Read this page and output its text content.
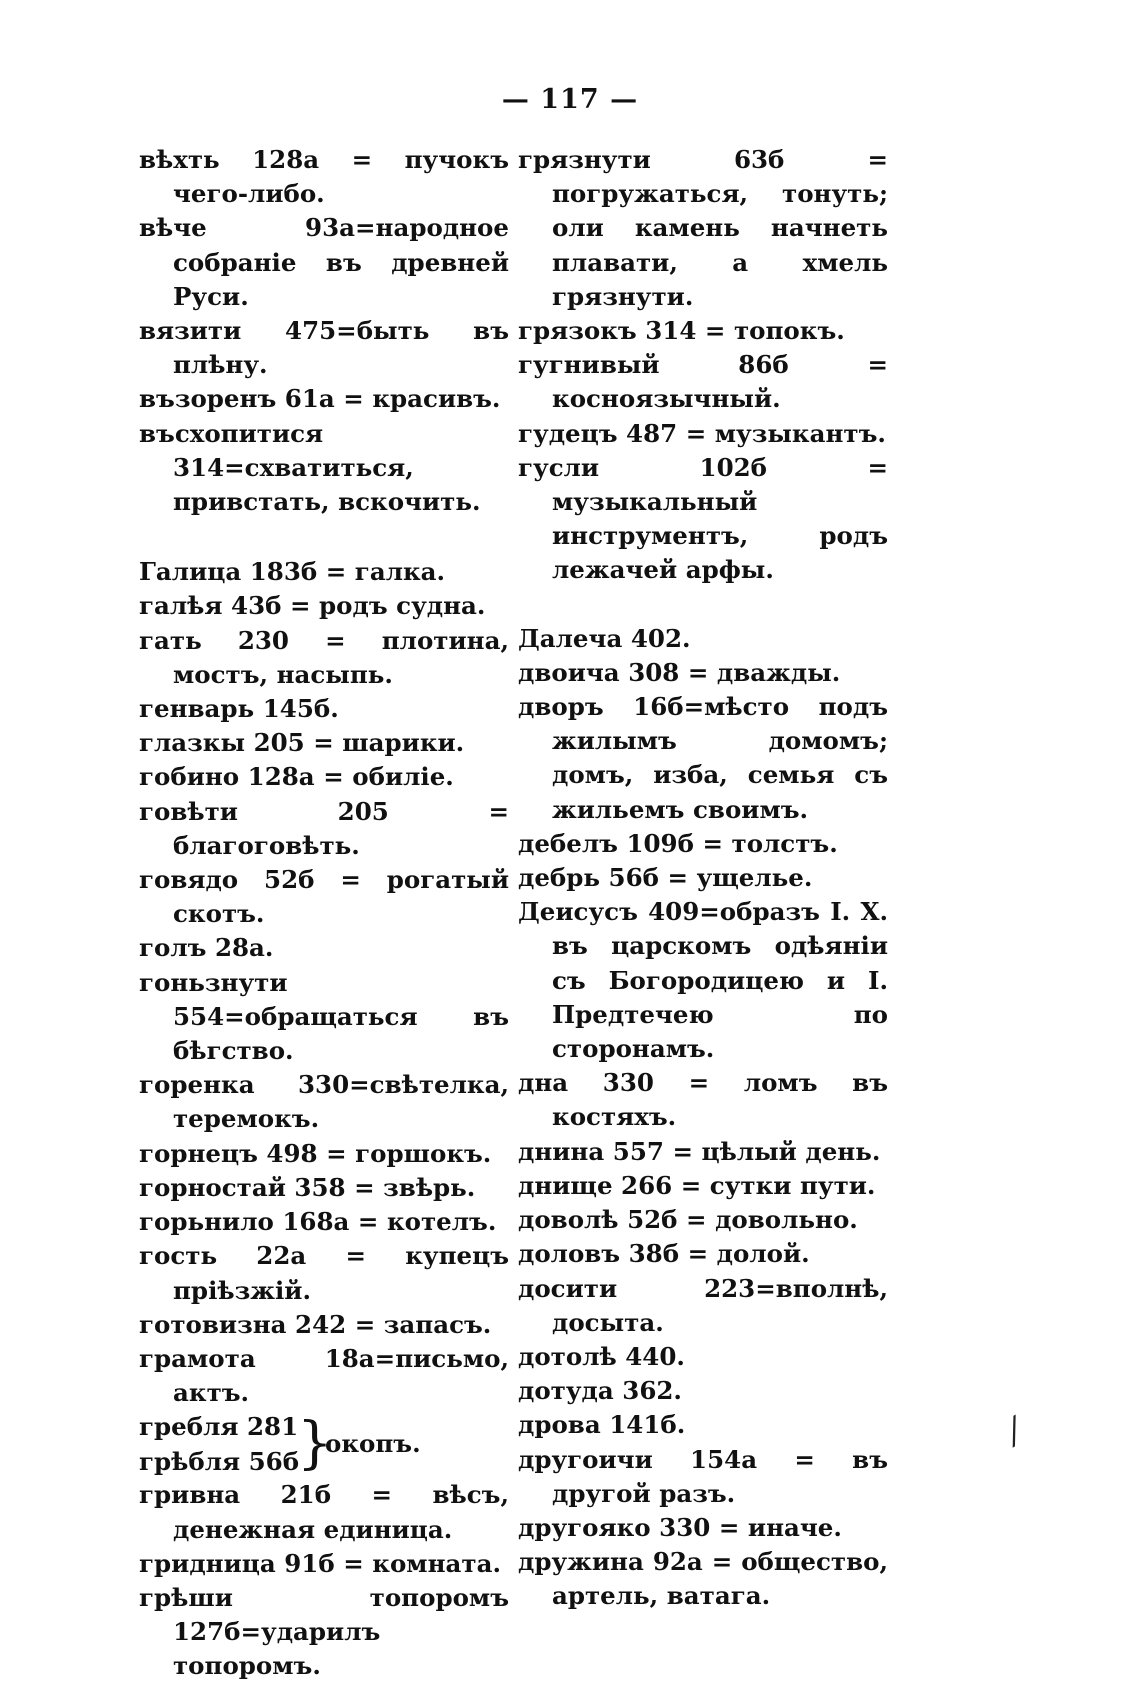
— 117 —

вѣхть 128а = пучокъ чего-либо.

вѣче 93а=народное собраніе въ древней Руси.

вязити 475=быть въ плѣну.

възоренъ 61а = красивъ.

въсхопитися 314=схватиться, привстать, вскочить.

Галица 183б = галка.

галѣя 43б = родъ судна.

гать 230 = плотина, мостъ, насыпь.

генварь 145б.

глазкы 205 = шарики.

гобино 128а = обиліе.

говѣти 205 = благоговѣть.

говядо 52б = рогатый скотъ.

голъ 28а.

гоньзнути 554=обращаться въ бѣгство.

горенка 330=свѣтелка, теремокъ.

горнецъ 498 = горшокъ.

горностай 358 = звѣрь.

горьнило 168а = котелъ.

гость 22а = купецъ пріѣзжій.

готовизна 242 = запасъ.

грамота 18а=письмо, актъ.

гребля 281
грѣбля 56б
}
окопъ.

гривна 21б = вѣсъ, денежная единица.

гридница 91б = комната.

грѣши топоромъ 127б=ударилъ топоромъ.

грязнути 63б = погружаться, тонуть; оли камень начнеть плавати, а хмель грязнути.

грязокъ 314 = топокъ.

гугнивый 86б = косноязычный.

гудецъ 487 = музыкантъ.

гусли 102б = музыкальный инструментъ, родъ лежачей арфы.

Далеча 402.

двоича 308 = дважды.

дворъ 16б=мѣсто подъ жилымъ домомъ; домъ, изба, семья съ жильемъ своимъ.

дебелъ 109б = толстъ.

дебрь 56б = ущелье.

Деисусъ 409=образъ І. Х. въ царскомъ одѣяніи съ Богородицею и І. Предтечею по сторонамъ.

дна 330 = ломъ въ костяхъ.

днина 557 = цѣлый день.

днище 266 = сутки пути.

доволѣ 52б = довольно.

доловъ 38б = долой.

досити 223=вполнѣ, досыта.

дотолѣ 440.

дотуда 362.

дрова 141б.

другоичи 154а = въ другой разъ.

другояко 330 = иначе.

дружина 92а = общество, артель, ватага.

⁄
